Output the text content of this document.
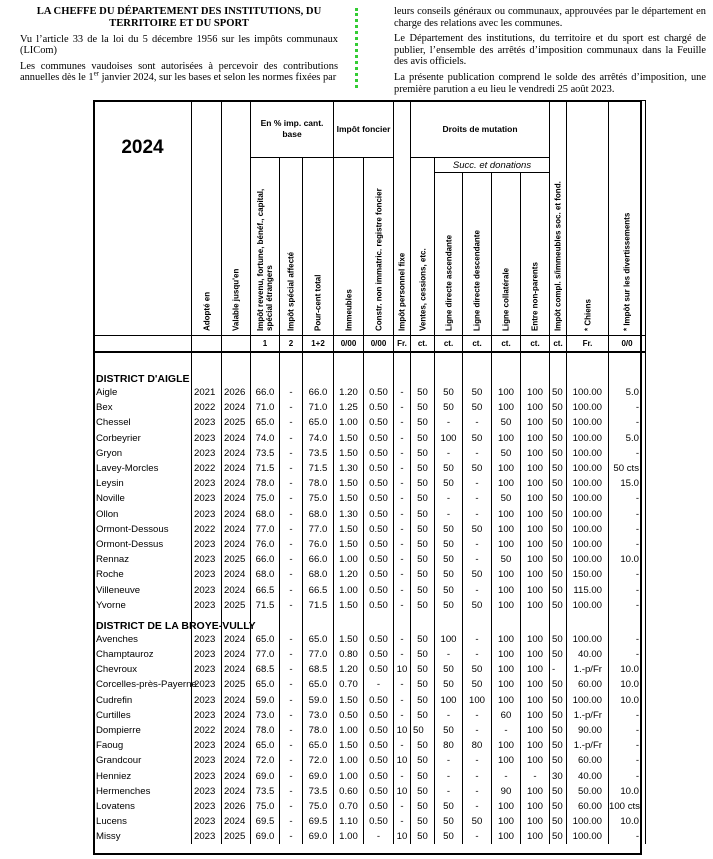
LA CHEFFE DU DÉPARTEMENT DES INSTITUTIONS, DU TERRITOIRE ET DU SPORT

Vu l’article 33 de la loi du 5 décembre 1956 sur les impôts communaux (LICom)

Les communes vaudoises sont autorisées à percevoir des contributions annuelles dès le 1er janvier 2024, sur les bases et selon les normes fixées par

leurs conseils généraux ou communaux, approuvées par le département en charge des relations avec les communes.

Le Département des institutions, du territoire et du sport est chargé de publier, l’ensemble des arrêtés d’imposition communaux dans la Feuille des avis officiels.

La présente publication comprend le solde des arrêtés d’imposition, une première parution a eu lieu le vendredi 25 août 2023.

2024	Adopté en	Valable jusqu'en	En % imp. cant. base			Impôt foncier		Impôt personnel fixe	Droits de mutation					Impôt compl. s/immeubles soc. et fond.	* Chiens	* Impôt sur les divertissements

			Impôt revenu, fortune, bénéf., capital, spécial étrangers	Impôt spécial affecté	Pour-cent total	Immeubles	Constr. non immatric. registre foncier		Ventes, cessions, etc.	Succ. et donations						

										Ligne directe ascendante	Ligne directe descendante	Ligne collatérale	Entre non-parents			

			1	2	1+2	0/00	0/00	Fr.	ct.	ct.	ct.	ct.	ct.	ct.	Fr.	0/0

DISTRICT D'AIGLE																
Aigle	2021	2026	66.0	-	66.0	1.20	0.50	-	50	50	50	100	100	50	100.00	5.0
Bex	2022	2024	71.0	-	71.0	1.25	0.50	-	50	50	50	100	100	50	100.00	-
Chessel	2023	2025	65.0	-	65.0	1.00	0.50	-	50	-	-	50	100	50	100.00	-
Corbeyrier	2023	2024	74.0	-	74.0	1.50	0.50	-	50	100	50	100	100	50	100.00	5.0
Gryon	2023	2024	73.5	-	73.5	1.50	0.50	-	50	-	-	50	100	50	100.00	-
Lavey-Morcles	2022	2024	71.5	-	71.5	1.30	0.50	-	50	50	50	100	100	50	100.00	50 cts
Leysin	2023	2024	78.0	-	78.0	1.50	0.50	-	50	50	-	100	100	50	100.00	15.0
Noville	2023	2024	75.0	-	75.0	1.50	0.50	-	50	-	-	50	100	50	100.00	-
Ollon	2023	2024	68.0	-	68.0	1.30	0.50	-	50	-	-	100	100	50	100.00	-
Ormont-Dessous	2022	2024	77.0	-	77.0	1.50	0.50	-	50	50	50	100	100	50	100.00	-
Ormont-Dessus	2023	2024	76.0	-	76.0	1.50	0.50	-	50	50	-	100	100	50	100.00	-
Rennaz	2023	2025	66.0	-	66.0	1.00	0.50	-	50	50	-	50	100	50	100.00	10.0
Roche	2023	2024	68.0	-	68.0	1.20	0.50	-	50	50	50	100	100	50	150.00	-
Villeneuve	2023	2024	66.5	-	66.5	1.00	0.50	-	50	50	-	100	100	50	115.00	-
Yvorne	2023	2025	71.5	-	71.5	1.50	0.50	-	50	50	50	100	100	50	100.00	-
DISTRICT DE LA BROYE-VULLY																
Avenches	2023	2024	65.0	-	65.0	1.50	0.50	-	50	100	-	100	100	50	100.00	-
Champtauroz	2023	2024	77.0	-	77.0	0.80	0.50	-	50	-	-	100	100	50	40.00	-
Chevroux	2023	2024	68.5	-	68.5	1.20	0.50	10	50	50	50	100	100	-	1.-p/Fr	10.0
Corcelles-près-Payerne	2023	2025	65.0	-	65.0	0.70	-	-	50	50	50	100	100	50	60.00	10.0
Cudrefin	2023	2024	59.0	-	59.0	1.50	0.50	-	50	100	100	100	100	50	100.00	10.0
Curtilles	2023	2024	73.0	-	73.0	0.50	0.50	-	50	-	-	60	100	50	1.-p/Fr	-
Dompierre	2022	2024	78.0	-	78.0	1.00	0.50	10	50	50	-	-	100	50	90.00	-
Faoug	2023	2024	65.0	-	65.0	1.50	0.50	-	50	80	80	100	100	50	1.-p/Fr	-
Grandcour	2023	2024	72.0	-	72.0	1.00	0.50	10	50	-	-	100	100	50	60.00	-
Henniez	2023	2024	69.0	-	69.0	1.00	0.50	-	50	-	-	-	-	30	40.00	-
Hermenches	2023	2024	73.5	-	73.5	0.60	0.50	10	50	-	-	90	100	50	50.00	10.0
Lovatens	2023	2026	75.0	-	75.0	0.70	0.50	-	50	50	-	100	100	50	60.00	100 cts
Lucens	2023	2024	69.5	-	69.5	1.10	0.50	-	50	50	50	100	100	50	100.00	10.0
Missy	2023	2025	69.0	-	69.0	1.00	-	10	50	50	-	100	100	50	100.00	-
